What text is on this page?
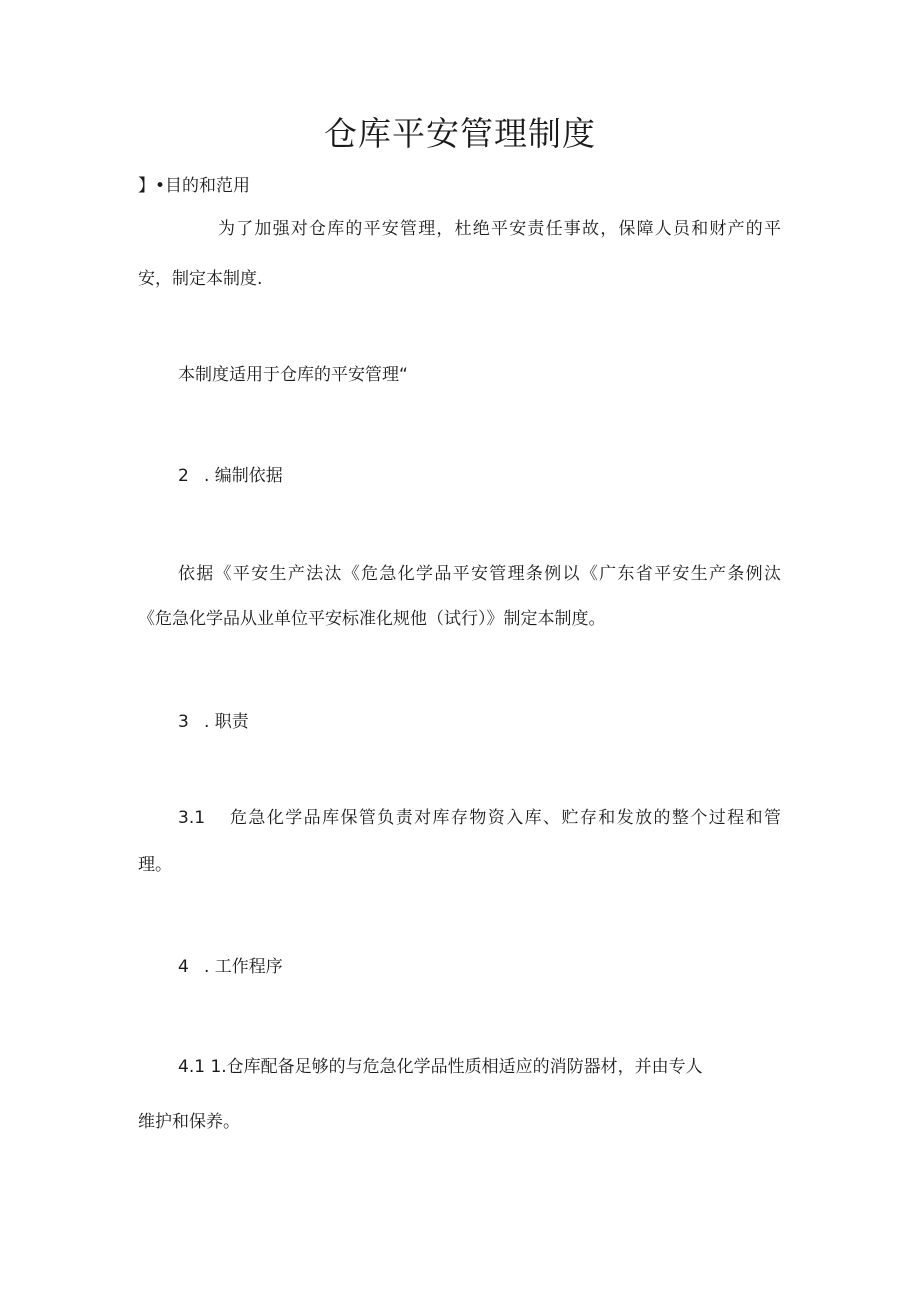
仓库平安管理制度
】•目的和范用
为了加强对仓库的平安管理，杜绝平安责任事故，保障人员和财产的平
安，制定本制度.
本制度适用于仓库的平安管理“
2 . 编制依据
依据《平安生产法汰《危急化学品平安管理条例以《广东省平安生产条例汰
《危急化学品从业单位平安标准化规他（试行）》制定本制度。
3 . 职责
3.1 危急化学品库保管负责对库存物资入库、贮存和发放的整个过程和管
理。
4 . 工作程序
4.1 1.仓库配备足够的与危急化学品性质相适应的消防器材，并由专人
维护和保养。
